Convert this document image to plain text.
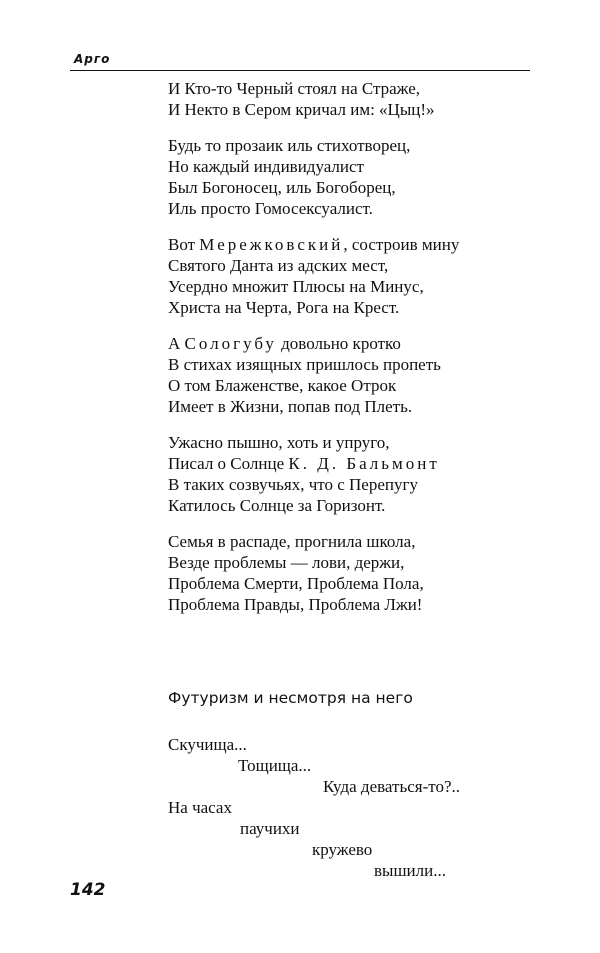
Арго
И Кто-то Черный стоял на Страже,
И Некто в Сером кричал им: «Цыц!»
Будь то прозаик иль стихотворец,
Но каждый индивидуалист
Был Богоносец, иль Богоборец,
Иль просто Гомосексуалист.
Вот Мережковский, состроив мину
Святого Данта из адских мест,
Усердно множит Плюсы на Минус,
Христа на Черта, Рога на Крест.
А Сологубу довольно кротко
В стихах изящных пришлось пропеть
О том Блаженстве, какое Отрок
Имеет в Жизни, попав под Плеть.
Ужасно пышно, хоть и упруго,
Писал о Солнце К. Д. Бальмонт
В таких созвучьях, что с Перепугу
Катилось Солнце за Горизонт.
Семья в распаде, прогнила школа,
Везде проблемы — лови, держи,
Проблема Смерти, Проблема Пола,
Проблема Правды, Проблема Лжи!
Футуризм и несмотря на него
Скучища...
Тощища...
Куда деваться-то?..
На часах
паучихи
кружево
вышили...
142
